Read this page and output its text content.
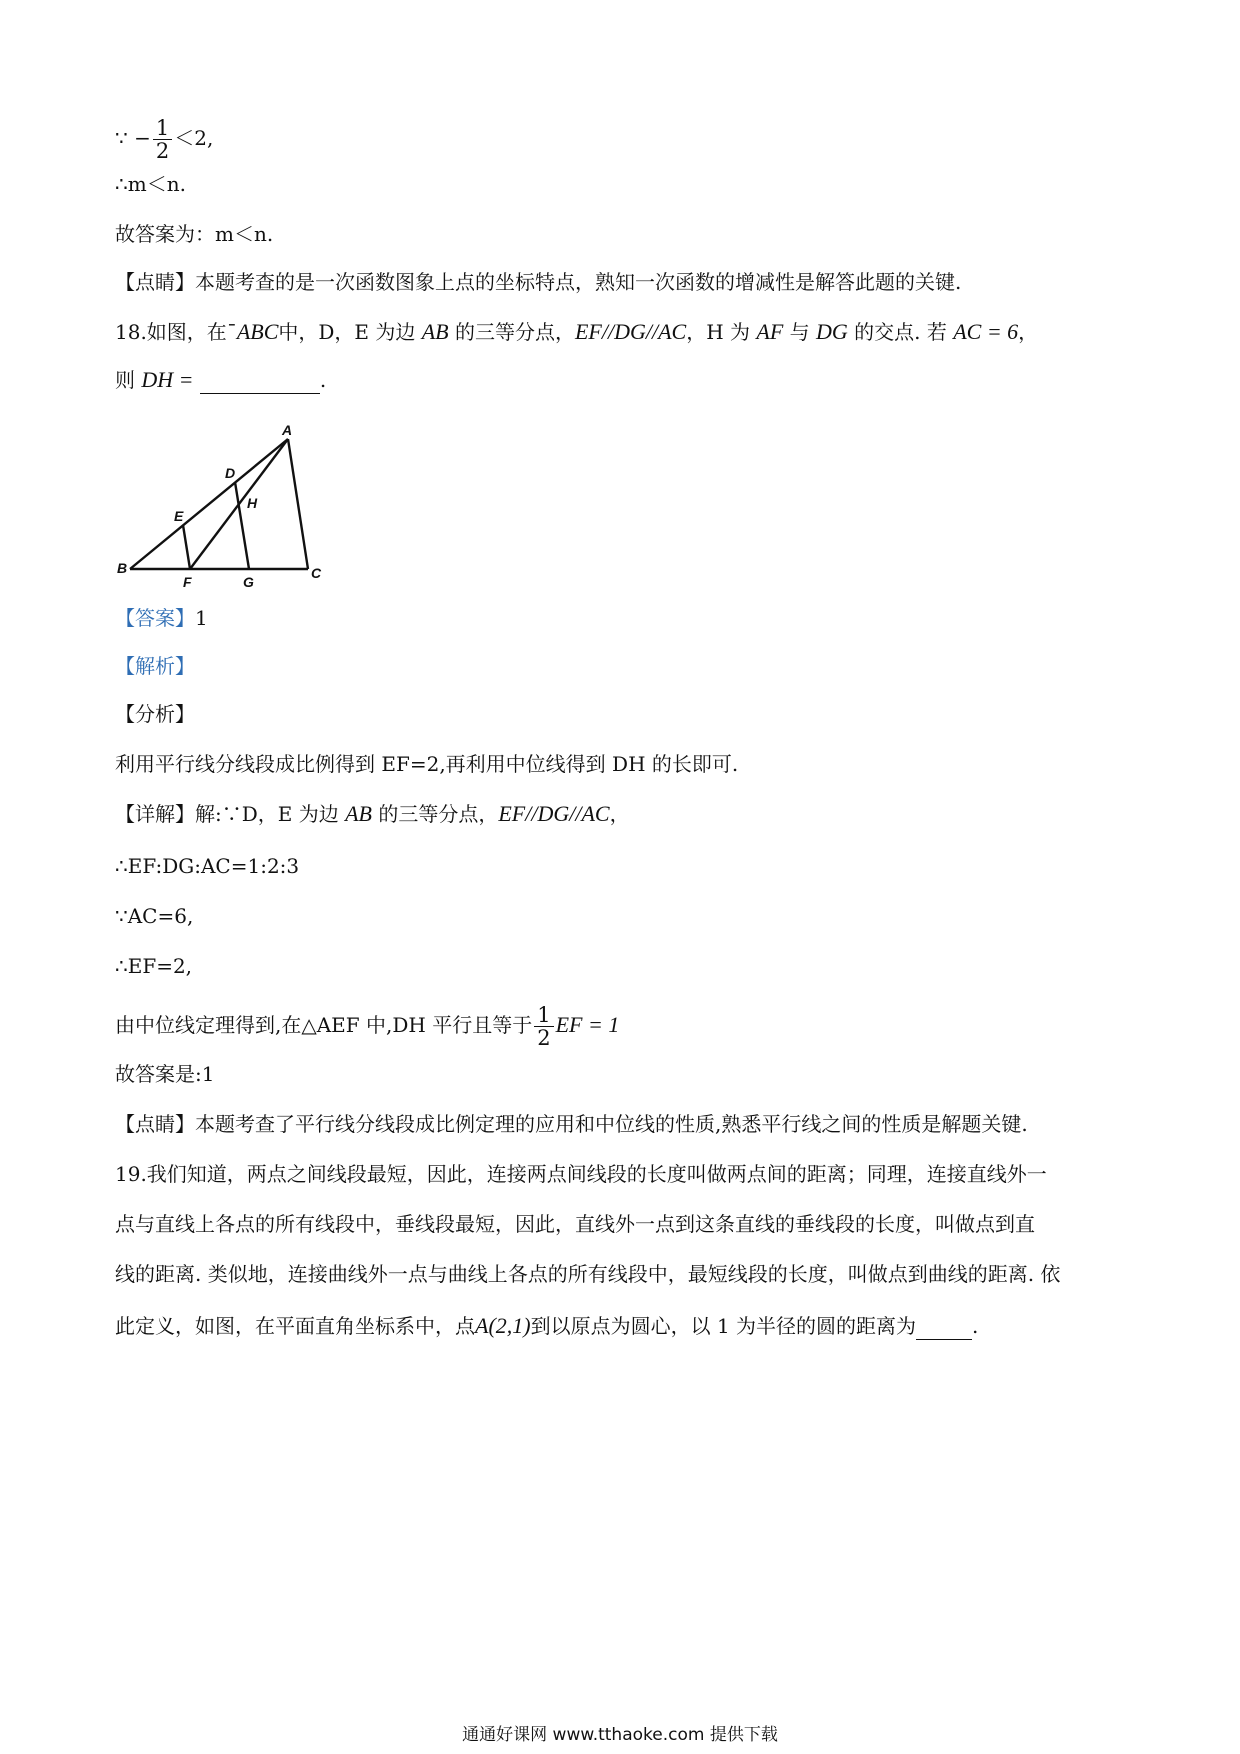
∵ − $\frac{1}{2} <2$,
∴m＜n.
故答案为：m＜n.
【点睛】本题考查的是一次函数图象上点的坐标特点，熟知一次函数的增减性是解答此题的关键.
18.如图，在¯ABC中，D，E 为边 AB 的三等分点，EF//DG//AC，H 为 AF 与 DG 的交点. 若 AC = 6，
则 DH =	.
A
B	C
D
E
F	G
H
【答案】1
【解析】
【分析】
利用平行线分线段成比例得到 EF=2,再利用中位线得到 DH 的长即可.
【详解】解:∵D，E 为边 AB 的三等分点，EF//DG//AC，
∴EF:DG:AC=1:2:3
∵AC=6,
∴EF=2,
由中位线定理得到,在△AEF 中,DH 平行且等于 $\frac{1}{2}$ EF = 1
故答案是:1
【点睛】本题考查了平行线分线段成比例定理的应用和中位线的性质,熟悉平行线之间的性质是解题关键.
19.我们知道，两点之间线段最短，因此，连接两点间线段的长度叫做两点间的距离；同理，连接直线外一
点与直线上各点的所有线段中，垂线段最短，因此，直线外一点到这条直线的垂线段的长度，叫做点到直
线的距离. 类似地，连接曲线外一点与曲线上各点的所有线段中，最短线段的长度，叫做点到曲线的距离. 依
此定义，如图，在平面直角坐标系中，点A(2,1)到以原点为圆心，以 1 为半径的圆的距离为	.
通通好课网 www.tthaoke.com 提供下载
